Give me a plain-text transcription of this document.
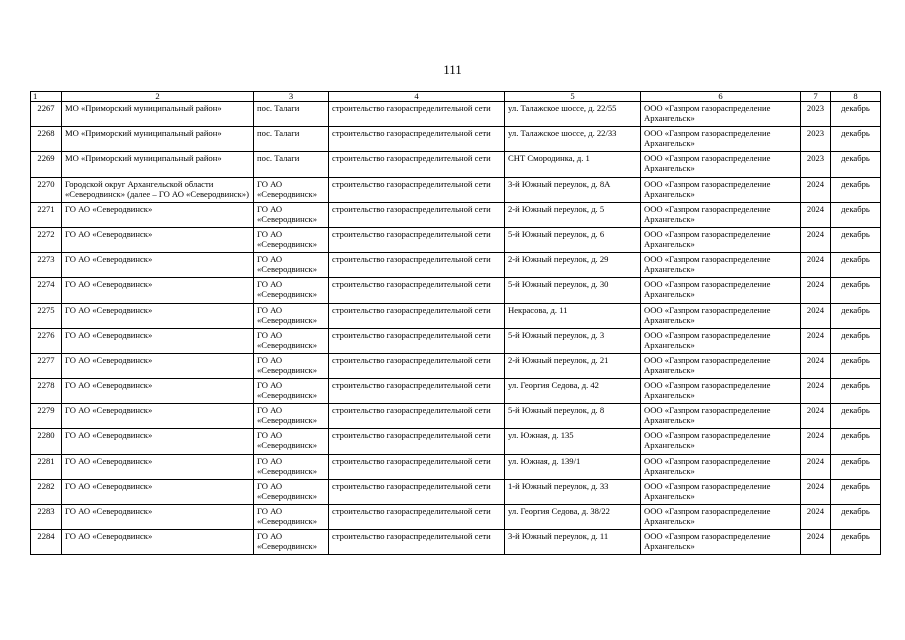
111
1	2	3	4	5	6	7	8
2267	МО «Приморский муниципальный район»	пос. Талаги	строительство газораспределительной сети	ул. Талажское шоссе, д. 22/55	ООО «Газпром газораспределение Архангельск»	2023	декабрь
2268	МО «Приморский муниципальный район»	пос. Талаги	строительство газораспределительной сети	ул. Талажское шоссе, д. 22/33	ООО «Газпром газораспределение Архангельск»	2023	декабрь
2269	МО «Приморский муниципальный район»	пос. Талаги	строительство газораспределительной сети	СНТ Смородинка, д. 1	ООО «Газпром газораспределение Архангельск»	2023	декабрь
2270	Городской округ Архангельской области «Северодвинск» (далее – ГО АО «Северодвинск»)	ГО АО «Северодвинск»	строительство газораспределительной сети	3-й Южный переулок, д. 8А	ООО «Газпром газораспределение Архангельск»	2024	декабрь
2271	ГО АО «Северодвинск»	ГО АО «Северодвинск»	строительство газораспределительной сети	2-й Южный переулок, д. 5	ООО «Газпром газораспределение Архангельск»	2024	декабрь
2272	ГО АО «Северодвинск»	ГО АО «Северодвинск»	строительство газораспределительной сети	5-й Южный переулок, д. 6	ООО «Газпром газораспределение Архангельск»	2024	декабрь
2273	ГО АО «Северодвинск»	ГО АО «Северодвинск»	строительство газораспределительной сети	2-й Южный переулок, д. 29	ООО «Газпром газораспределение Архангельск»	2024	декабрь
2274	ГО АО «Северодвинск»	ГО АО «Северодвинск»	строительство газораспределительной сети	5-й Южный переулок, д. 30	ООО «Газпром газораспределение Архангельск»	2024	декабрь
2275	ГО АО «Северодвинск»	ГО АО «Северодвинск»	строительство газораспределительной сети	Некрасова, д. 11	ООО «Газпром газораспределение Архангельск»	2024	декабрь
2276	ГО АО «Северодвинск»	ГО АО «Северодвинск»	строительство газораспределительной сети	5-й Южный переулок, д. 3	ООО «Газпром газораспределение Архангельск»	2024	декабрь
2277	ГО АО «Северодвинск»	ГО АО «Северодвинск»	строительство газораспределительной сети	2-й Южный переулок, д. 21	ООО «Газпром газораспределение Архангельск»	2024	декабрь
2278	ГО АО «Северодвинск»	ГО АО «Северодвинск»	строительство газораспределительной сети	ул. Георгия Седова, д. 42	ООО «Газпром газораспределение Архангельск»	2024	декабрь
2279	ГО АО «Северодвинск»	ГО АО «Северодвинск»	строительство газораспределительной сети	5-й Южный переулок, д. 8	ООО «Газпром газораспределение Архангельск»	2024	декабрь
2280	ГО АО «Северодвинск»	ГО АО «Северодвинск»	строительство газораспределительной сети	ул. Южная, д. 135	ООО «Газпром газораспределение Архангельск»	2024	декабрь
2281	ГО АО «Северодвинск»	ГО АО «Северодвинск»	строительство газораспределительной сети	ул. Южная, д. 139/1	ООО «Газпром газораспределение Архангельск»	2024	декабрь
2282	ГО АО «Северодвинск»	ГО АО «Северодвинск»	строительство газораспределительной сети	1-й Южный переулок, д. 33	ООО «Газпром газораспределение Архангельск»	2024	декабрь
2283	ГО АО «Северодвинск»	ГО АО «Северодвинск»	строительство газораспределительной сети	ул. Георгия Седова, д. 38/22	ООО «Газпром газораспределение Архангельск»	2024	декабрь
2284	ГО АО «Северодвинск»	ГО АО «Северодвинск»	строительство газораспределительной сети	3-й Южный переулок, д. 11	ООО «Газпром газораспределение Архангельск»	2024	декабрь
